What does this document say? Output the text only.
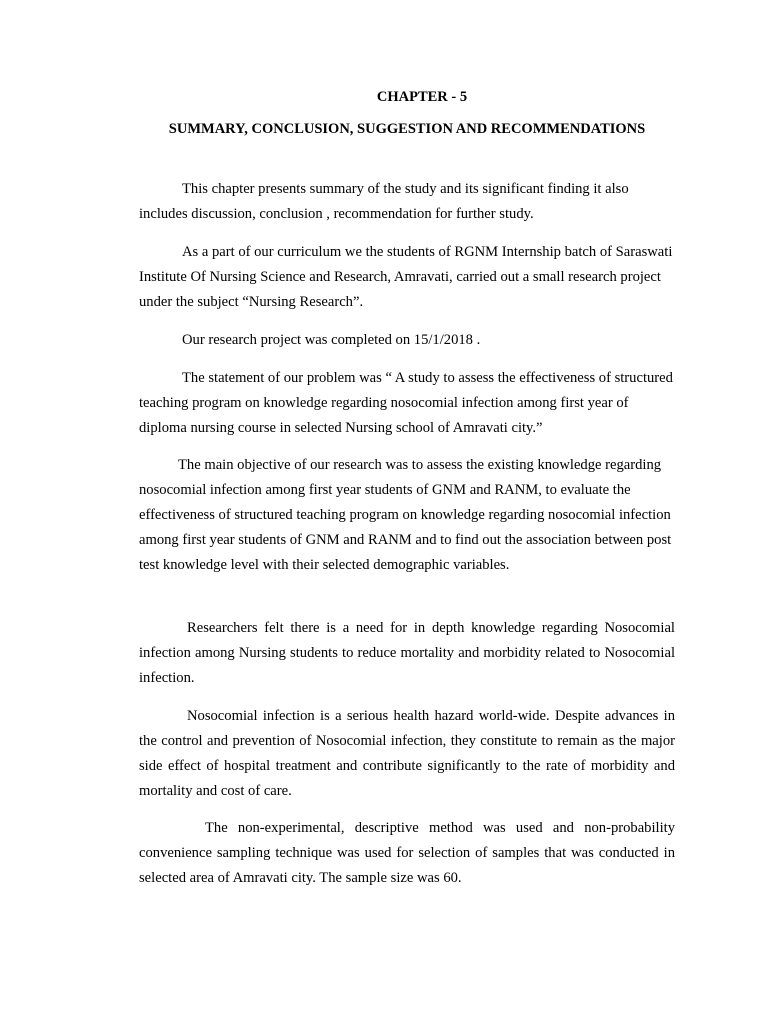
CHAPTER - 5
SUMMARY, CONCLUSION, SUGGESTION AND RECOMMENDATIONS

This chapter presents summary of the study and its significant finding it also includes discussion, conclusion , recommendation for further study.

As a part of our curriculum we the students of RGNM Internship batch of Saraswati Institute Of Nursing Science and Research, Amravati, carried out a small research project under the subject “Nursing Research”.

Our research project was completed on 15/1/2018 .

The statement of our problem was “ A study to assess the effectiveness of structured teaching program on knowledge regarding nosocomial infection among first year of diploma nursing course in selected Nursing school of Amravati city.”

The main objective of our research was to assess the existing knowledge regarding nosocomial infection among first year students of GNM and RANM, to evaluate the effectiveness of structured teaching program on knowledge regarding nosocomial infection among first year students of GNM and RANM and to find out the association between post test knowledge level with their selected demographic variables.

Researchers felt there is a need for in depth knowledge regarding Nosocomial infection among Nursing students to reduce mortality and morbidity related to Nosocomial infection.

Nosocomial infection is a serious health hazard world-wide. Despite advances in the control and prevention of Nosocomial infection, they constitute to remain as the major side effect of hospital treatment and contribute significantly to the rate of morbidity and mortality and cost of care.

The non-experimental, descriptive method was used and non-probability convenience sampling technique was used for selection of samples that was conducted in selected area of Amravati city. The sample size was 60.
